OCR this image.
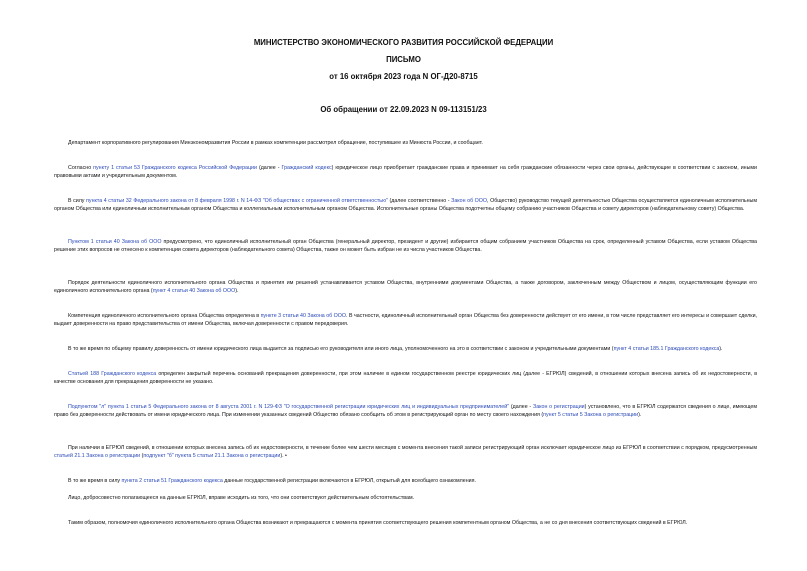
МИНИСТЕРСТВО ЭКОНОМИЧЕСКОГО РАЗВИТИЯ РОССИЙСКОЙ ФЕДЕРАЦИИ
ПИСЬМО
от 16 октября 2023 года N ОГ-Д20-8715
Об обращении от 22.09.2023 N 09-113151/23

Департамент корпоративного регулирования Минэкономразвития России в рамках компетенции рассмотрел обращение, поступившее из Минюста России, и сообщает.

Согласно пункту 1 статьи 53 Гражданского кодекса Российской Федерации (далее - Гражданский кодекс) юридическое лицо приобретает гражданские права и принимает на себя гражданские обязанности через свои органы, действующие в соответствии с законом, иными правовыми актами и учредительным документом.

В силу пункта 4 статьи 32 Федерального закона от 8 февраля 1998 г. N 14-ФЗ "Об обществах с ограниченной ответственностью" (далее соответственно - Закон об ООО, Общество) руководство текущей деятельностью Общества осуществляется единоличным исполнительным органом Общества или единоличным исполнительным органом Общества и коллегиальным исполнительным органом Общества. Исполнительные органы Общества подотчетны общему собранию участников Общества и совету директоров (наблюдательному совету) Общества.

Пунктом 1 статьи 40 Закона об ООО предусмотрено, что единоличный исполнительный орган Общества (генеральный директор, президент и другие) избирается общим собранием участников Общества на срок, определенный уставом Общества, если уставом Общества решение этих вопросов не отнесено к компетенции совета директоров (наблюдательного совета) Общества, также он может быть избран не из числа участников Общества.

Порядок деятельности единоличного исполнительного органа Общества и принятия им решений устанавливается уставом Общества, внутренними документами Общества, а также договором, заключенным между Обществом и лицом, осуществляющим функции его единоличного исполнительного органа (пункт 4 статьи 40 Закона об ООО).

Компетенция единоличного исполнительного органа Общества определена в пункте 3 статьи 40 Закона об ООО. В частности, единоличный исполнительный орган Общества без доверенности действует от его имени, в том числе представляет его интересы и совершает сделки, выдает доверенности на право представительства от имени Общества, включая доверенности с правом передоверия.

В то же время по общему правилу доверенность от имени юридического лица выдается за подписью его руководителя или иного лица, уполномоченного на это в соответствии с законом и учредительными документами (пункт 4 статьи 185.1 Гражданского кодекса).

Статьей 188 Гражданского кодекса определен закрытый перечень оснований прекращения доверенности, при этом наличие в едином государственном реестре юридических лиц (далее - ЕГРЮЛ) сведений, в отношении которых внесена запись об их недостоверности, в качестве основания для прекращения доверенности не указано.

Подпунктом "л" пункта 1 статьи 5 Федерального закона от 8 августа 2001 г. N 129-ФЗ "О государственной регистрации юридических лиц и индивидуальных предпринимателей" (далее - Закон о регистрации) установлено, что в ЕГРЮЛ содержатся сведения о лице, имеющем право без доверенности действовать от имени юридического лица. При изменении указанных сведений Общество обязано сообщить об этом в регистрирующий орган по месту своего нахождения (пункт 5 статьи 5 Закона о регистрации).

При наличии в ЕГРЮЛ сведений, в отношении которых внесена запись об их недостоверности, в течение более чем шести месяцев с момента внесения такой записи регистрирующий орган исключает юридическое лицо из ЕГРЮЛ в соответствии с порядком, предусмотренным статьей 21.1 Закона о регистрации (подпункт "б" пункта 5 статьи 21.1 Закона о регистрации). •

В то же время в силу пункта 2 статьи 51 Гражданского кодекса данные государственной регистрации включаются в ЕГРЮЛ, открытый для всеобщего ознакомления.

Лицо, добросовестно полагающееся на данные ЕГРЮЛ, вправе исходить из того, что они соответствуют действительным обстоятельствам.

Таким образом, полномочия единоличного исполнительного органа Общества возникают и прекращаются с момента принятия соответствующего решения компетентным органом Общества, а не со дня внесения соответствующих сведений в ЕГРЮЛ.
